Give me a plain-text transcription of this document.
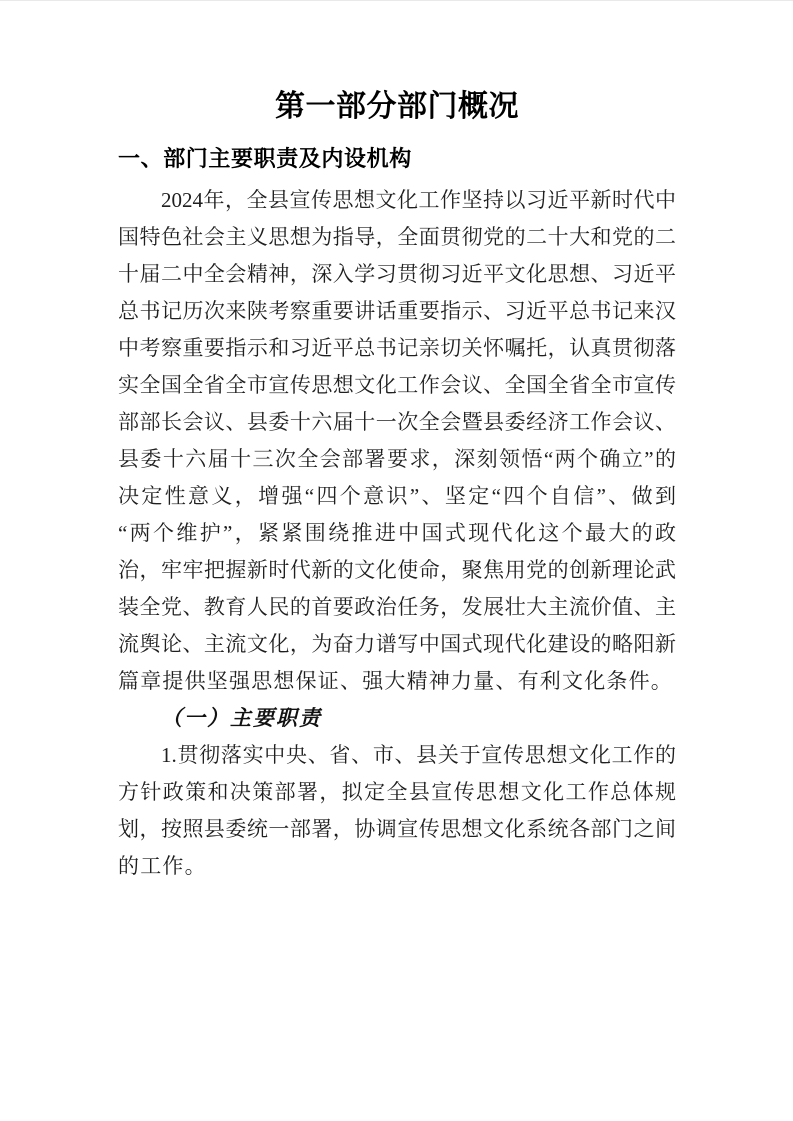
第一部分部门概况
一、部门主要职责及内设机构
2024年，全县宣传思想文化工作坚持以习近平新时代中
国特色社会主义思想为指导，全面贯彻党的二十大和党的二
十届二中全会精神，深入学习贯彻习近平文化思想、习近平
总书记历次来陕考察重要讲话重要指示、习近平总书记来汉
中考察重要指示和习近平总书记亲切关怀嘱托，认真贯彻落
实全国全省全市宣传思想文化工作会议、全国全省全市宣传
部部长会议、县委十六届十一次全会暨县委经济工作会议、
县委十六届十三次全会部署要求，深刻领悟“两个确立”的
决定性意义，增强“四个意识”、坚定“四个自信”、做到
“两个维护”，紧紧围绕推进中国式现代化这个最大的政
治，牢牢把握新时代新的文化使命，聚焦用党的创新理论武
装全党、教育人民的首要政治任务，发展壮大主流价值、主
流舆论、主流文化，为奋力谱写中国式现代化建设的略阳新
篇章提供坚强思想保证、强大精神力量、有利文化条件。
（一）主要职责
1.贯彻落实中央、省、市、县关于宣传思想文化工作的
方针政策和决策部署，拟定全县宣传思想文化工作总体规
划，按照县委统一部署，协调宣传思想文化系统各部门之间
的工作。
